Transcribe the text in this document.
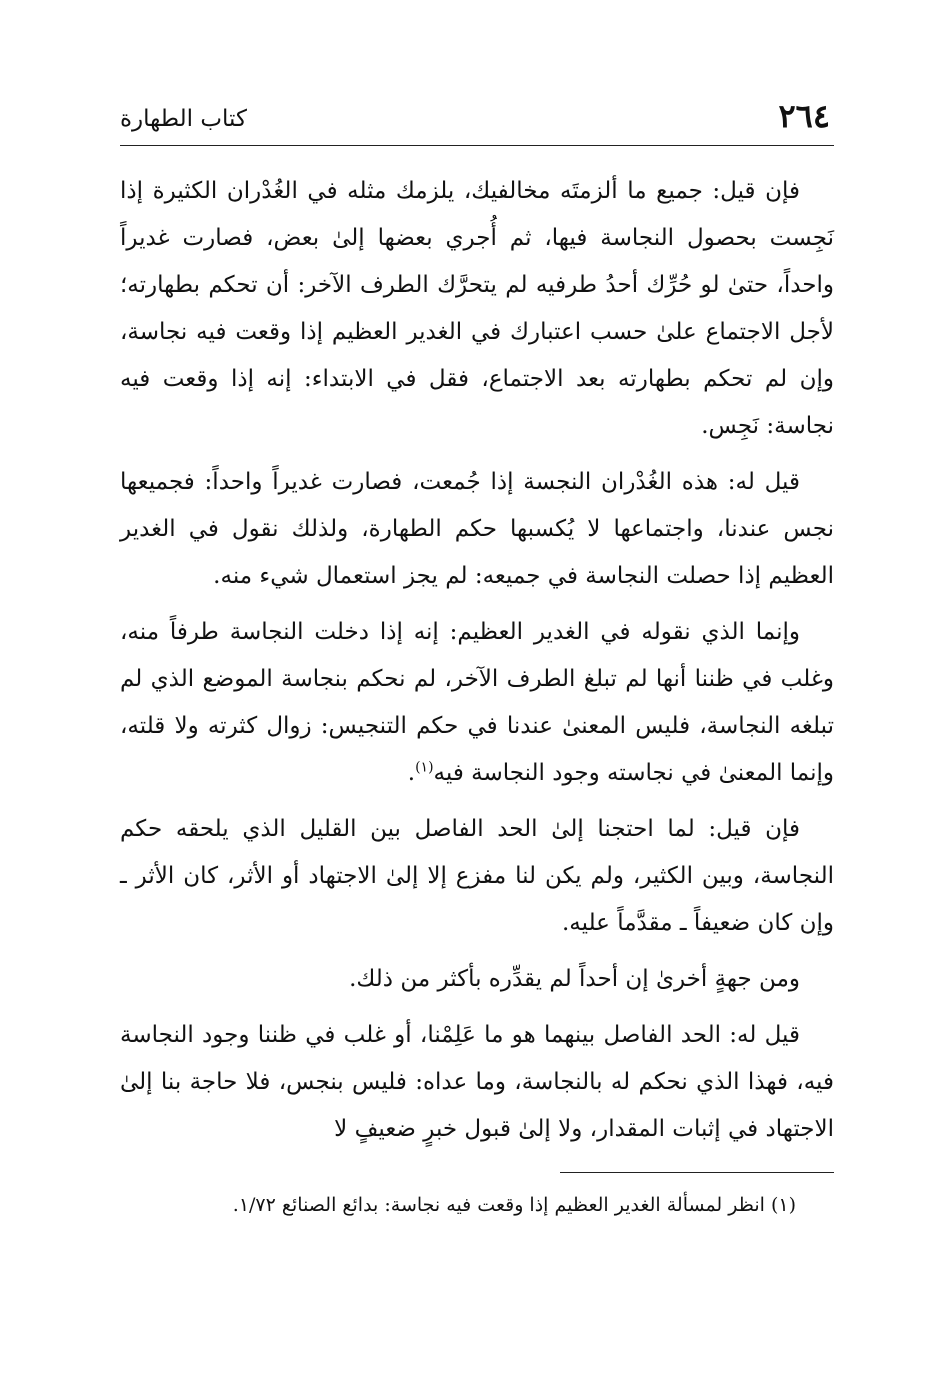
٢٦٤
كتاب الطهارة

فإن قيل: جميع ما ألزمتَه مخالفيك، يلزمك مثله في الغُدْران الكثيرة إذا نَجِست بحصول النجاسة فيها، ثم أُجري بعضها إلىٰ بعض، فصارت غديراً واحداً، حتىٰ لو حُرِّك أحدُ طرفيه لم يتحرَّك الطرف الآخر: أن تحكم بطهارته؛ لأجل الاجتماع علىٰ حسب اعتبارك في الغدير العظيم إذا وقعت فيه نجاسة، وإن لم تحكم بطهارته بعد الاجتماع، فقل في الابتداء: إنه إذا وقعت فيه نجاسة: نَجِس.

قيل له: هذه الغُدْران النجسة إذا جُمعت، فصارت غديراً واحداً: فجميعها نجس عندنا، واجتماعها لا يُكسبها حكم الطهارة، ولذلك نقول في الغدير العظيم إذا حصلت النجاسة في جميعه: لم يجز استعمال شيء منه.

وإنما الذي نقوله في الغدير العظيم: إنه إذا دخلت النجاسة طرفاً منه، وغلب في ظننا أنها لم تبلغ الطرف الآخر، لم نحكم بنجاسة الموضع الذي لم تبلغه النجاسة، فليس المعنىٰ عندنا في حكم التنجيس: زوال كثرته ولا قلته، وإنما المعنىٰ في نجاسته وجود النجاسة فيه$^{(١)}$.

فإن قيل: لما احتجنا إلىٰ الحد الفاصل بين القليل الذي يلحقه حكم النجاسة، وبين الكثير، ولم يكن لنا مفزع إلا إلىٰ الاجتهاد أو الأثر، كان الأثر ـ وإن كان ضعيفاً ـ مقدَّماً عليه.

ومن جهةٍ أخرىٰ إن أحداً لم يقدِّره بأكثر من ذلك.

قيل له: الحد الفاصل بينهما هو ما عَلِمْنا، أو غلب في ظننا وجود النجاسة فيه، فهذا الذي نحكم له بالنجاسة، وما عداه: فليس بنجس، فلا حاجة بنا إلىٰ الاجتهاد في إثبات المقدار، ولا إلىٰ قبول خبرٍ ضعيفٍ لا

(١) انظر لمسألة الغدير العظيم إذا وقعت فيه نجاسة: بدائع الصنائع ١/٧٢.
